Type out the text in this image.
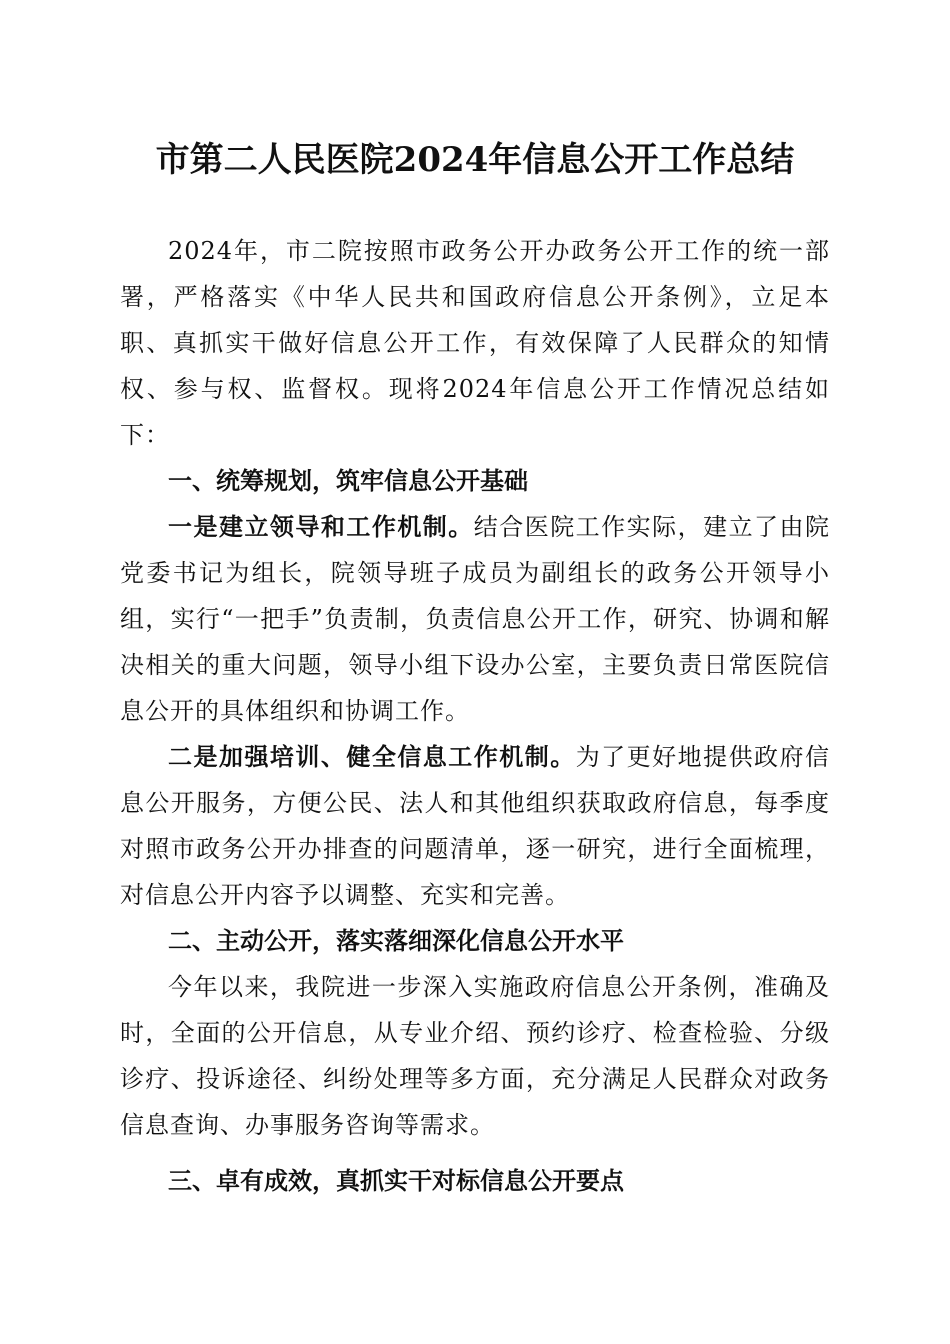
市第二人民医院2024年信息公开工作总结

2024年，市二院按照市政务公开办政务公开工作的统一部署，严格落实《中华人民共和国政府信息公开条例》，立足本职、真抓实干做好信息公开工作，有效保障了人民群众的知情权、参与权、监督权。现将2024年信息公开工作情况总结如下：

一、统筹规划，筑牢信息公开基础

一是建立领导和工作机制。结合医院工作实际，建立了由院党委书记为组长，院领导班子成员为副组长的政务公开领导小组，实行“一把手”负责制，负责信息公开工作，研究、协调和解决相关的重大问题，领导小组下设办公室，主要负责日常医院信息公开的具体组织和协调工作。

二是加强培训、健全信息工作机制。为了更好地提供政府信息公开服务，方便公民、法人和其他组织获取政府信息，每季度对照市政务公开办排查的问题清单，逐一研究，进行全面梳理，对信息公开内容予以调整、充实和完善。

二、主动公开，落实落细深化信息公开水平

今年以来，我院进一步深入实施政府信息公开条例，准确及时，全面的公开信息，从专业介绍、预约诊疗、检查检验、分级诊疗、投诉途径、纠纷处理等多方面，充分满足人民群众对政务信息查询、办事服务咨询等需求。

三、卓有成效，真抓实干对标信息公开要点
